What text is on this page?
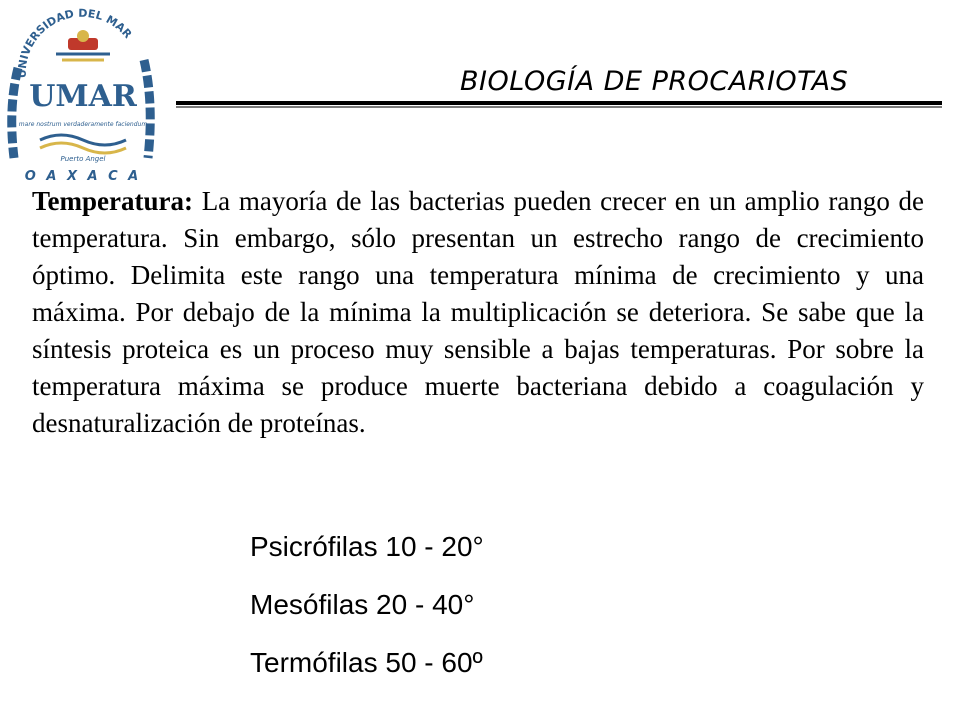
UNIVERSIDAD DEL MAR
UMAR
mare nostrum verdaderamente faciendum
Puerto Angel
O A X A C A
BIOLOGÍA DE PROCARIOTAS
Temperatura: La mayoría de las bacterias pueden crecer en un amplio rango de temperatura. Sin embargo, sólo presentan un estrecho rango de crecimiento óptimo. Delimita este rango una temperatura mínima de crecimiento y una máxima. Por debajo de la mínima la multiplicación se deteriora. Se sabe que la síntesis proteica es un proceso muy sensible a bajas temperaturas. Por sobre la temperatura máxima se produce muerte bacteriana debido a coagulación y desnaturalización de proteínas.
Psicrófilas 10 - 20°
Mesófilas 20 - 40°
Termófilas 50 - 60º
